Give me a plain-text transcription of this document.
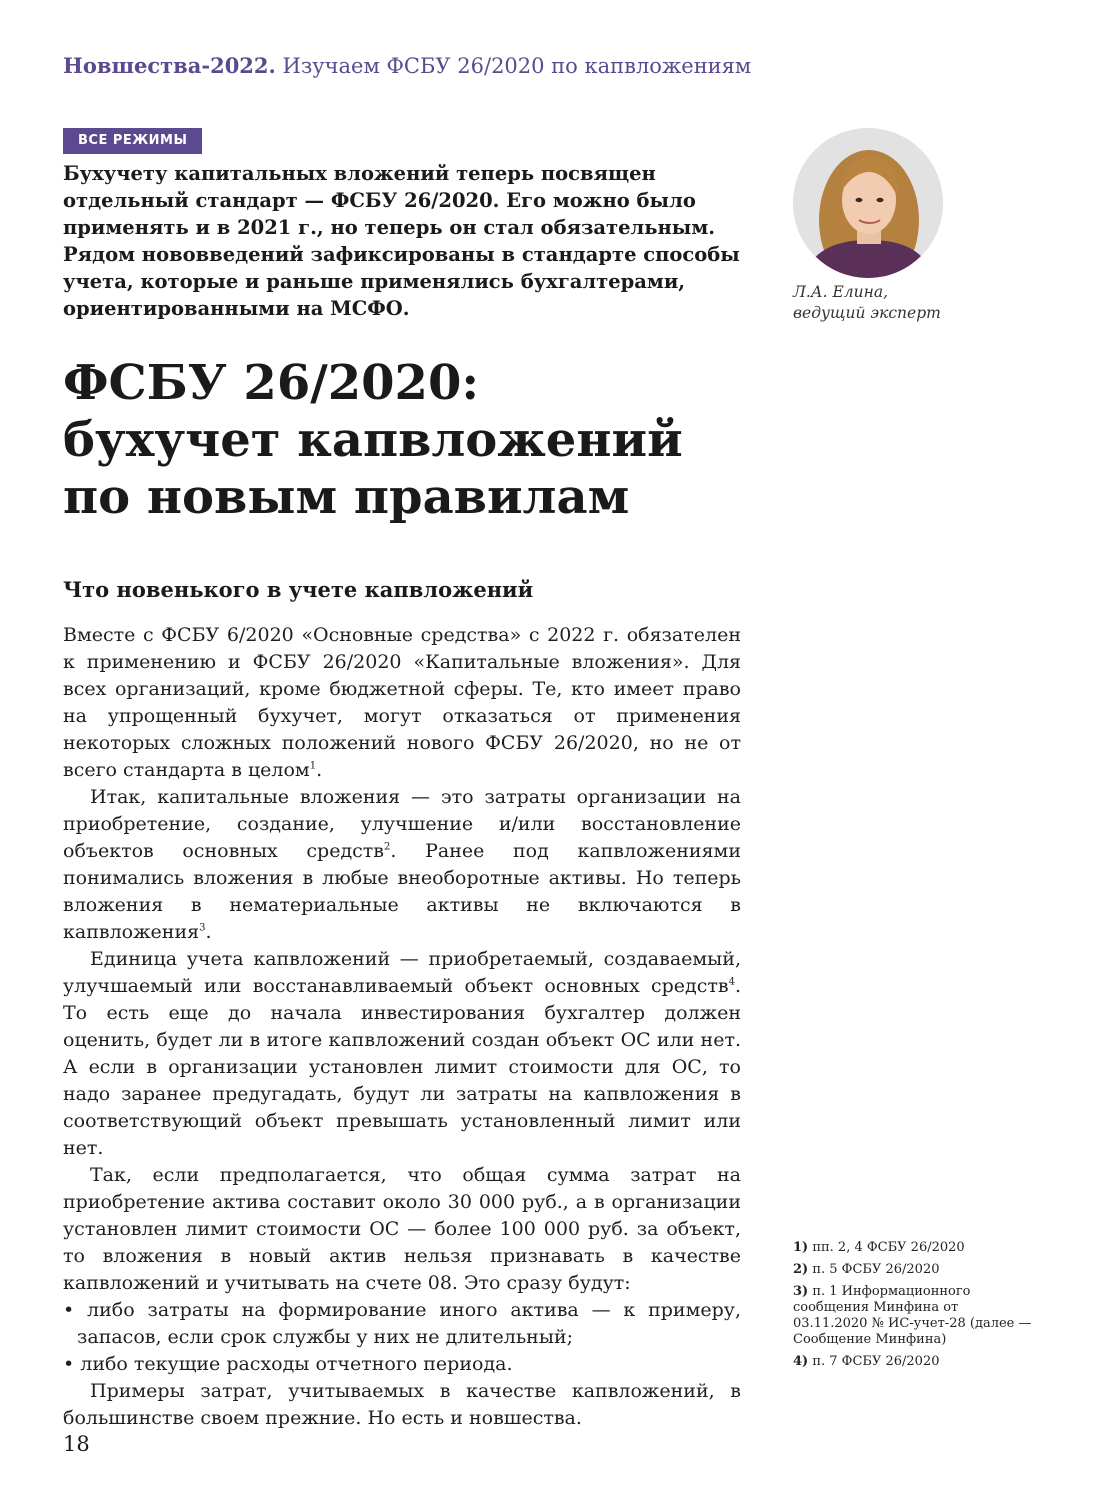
Новшества-2022. Изучаем ФСБУ 26/2020 по капвложениям
ВСЕ РЕЖИМЫ
Бухучету капитальных вложений теперь посвящен отдельный стандарт — ФСБУ 26/2020. Его можно было применять и в 2021 г., но теперь он стал обязательным. Рядом нововведений зафиксированы в стандарте способы учета, которые и раньше применялись бухгалтерами, ориентированными на МСФО.
Л.А. Елина,
ведущий эксперт
ФСБУ 26/2020:
бухучет капвложений
по новым правилам
Что новенького в учете капвложений

Вместе с ФСБУ 6/2020 «Основные средства» с 2022 г. обязателен к применению и ФСБУ 26/2020 «Капитальные вложения». Для всех организаций, кроме бюджетной сферы. Те, кто имеет право на упрощенный бухучет, могут отказаться от применения некоторых сложных положений нового ФСБУ 26/2020, но не от всего стандарта в целом$^1$.

Итак, капитальные вложения — это затраты организации на приобретение, создание, улучшение и/или восстановление объектов основных средств$^2$. Ранее под капвложениями понимались вложения в любые внеоборотные активы. Но теперь вложения в нематериальные активы не включаются в капвложения$^3$.

Единица учета капвложений — приобретаемый, создаваемый, улучшаемый или восстанавливаемый объект основных средств$^4$. То есть еще до начала инвестирования бухгалтер должен оценить, будет ли в итоге капвложений создан объект ОС или нет. А если в организации установлен лимит стоимости для ОС, то надо заранее предугадать, будут ли затраты на капвложения в соответствующий объект превышать установленный лимит или нет.

Так, если предполагается, что общая сумма затрат на приобретение актива составит около 30 000 руб., а в организации установлен лимит стоимости ОС — более 100 000 руб. за объект, то вложения в новый актив нельзя признавать в качестве капвложений и учитывать на счете 08. Это сразу будут:

• либо затраты на формирование иного актива — к примеру, запасов, если срок службы у них не длительный;

• либо текущие расходы отчетного периода.

Примеры затрат, учитываемых в качестве капвложений, в большинстве своем прежние. Но есть и новшества.

1) пп. 2, 4 ФСБУ 26/2020
2) п. 5 ФСБУ 26/2020
3) п. 1 Информационного сообщения Минфина от 03.11.2020 № ИС-учет-28 (далее — Сообщение Минфина)
4) п. 7 ФСБУ 26/2020
18
